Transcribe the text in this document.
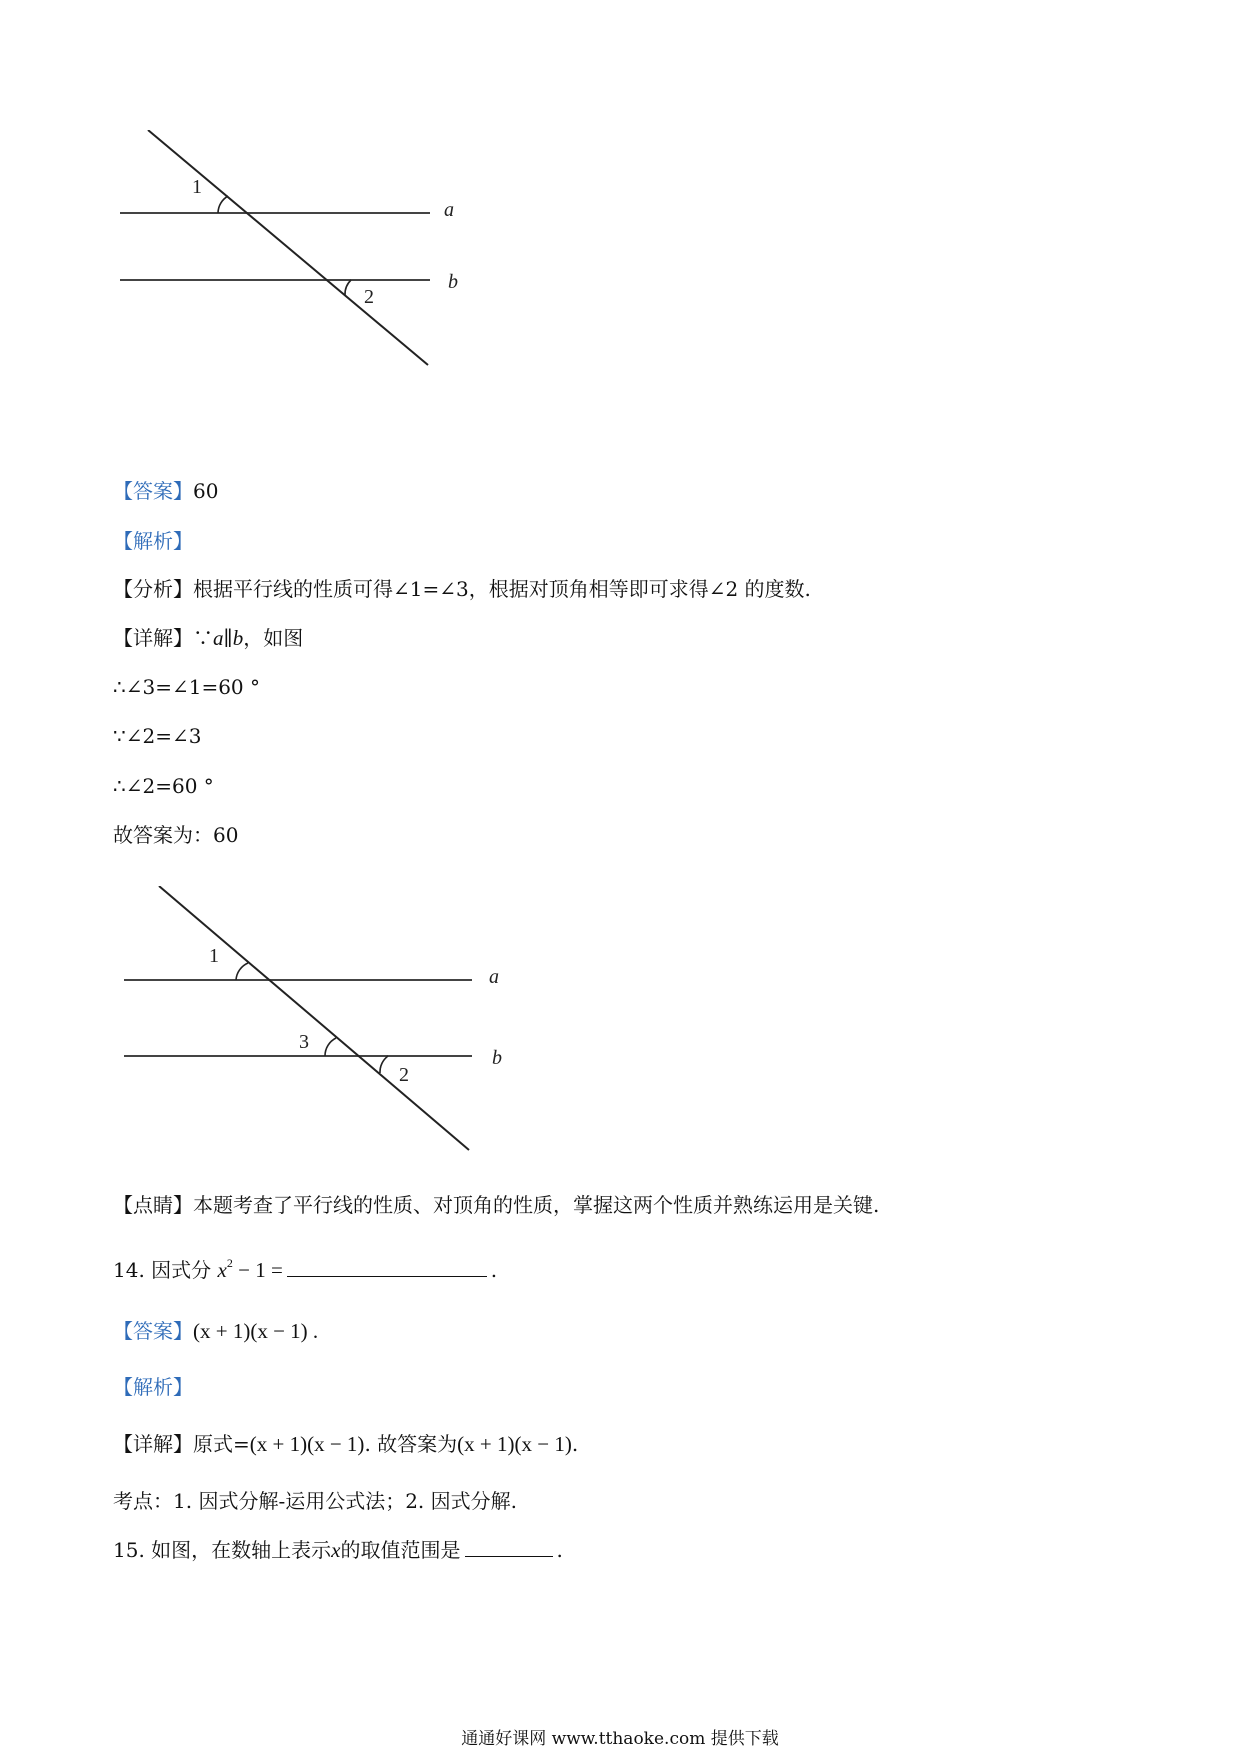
1
2
a
b
【答案】60
【解析】
【分析】根据平行线的性质可得∠1=∠3，根据对顶角相等即可求得∠2 的度数.
【详解】∵a∥b，如图
∴∠3=∠1=60 °
∵∠2=∠3
∴∠2=60 °
故答案为：60
1
3
2
a
b
【点睛】本题考查了平行线的性质、对顶角的性质，掌握这两个性质并熟练运用是关键.
14. 因式分 $x^2 - 1$ =	.
【答案】(x + 1)(x − 1) .
【解析】
【详解】原式=(x + 1)(x − 1). 故答案为(x + 1)(x − 1).
考点：1. 因式分解-运用公式法；2. 因式分解.
15. 如图，在数轴上表示x的取值范围是	.
通通好课网 www.tthaoke.com 提供下载
